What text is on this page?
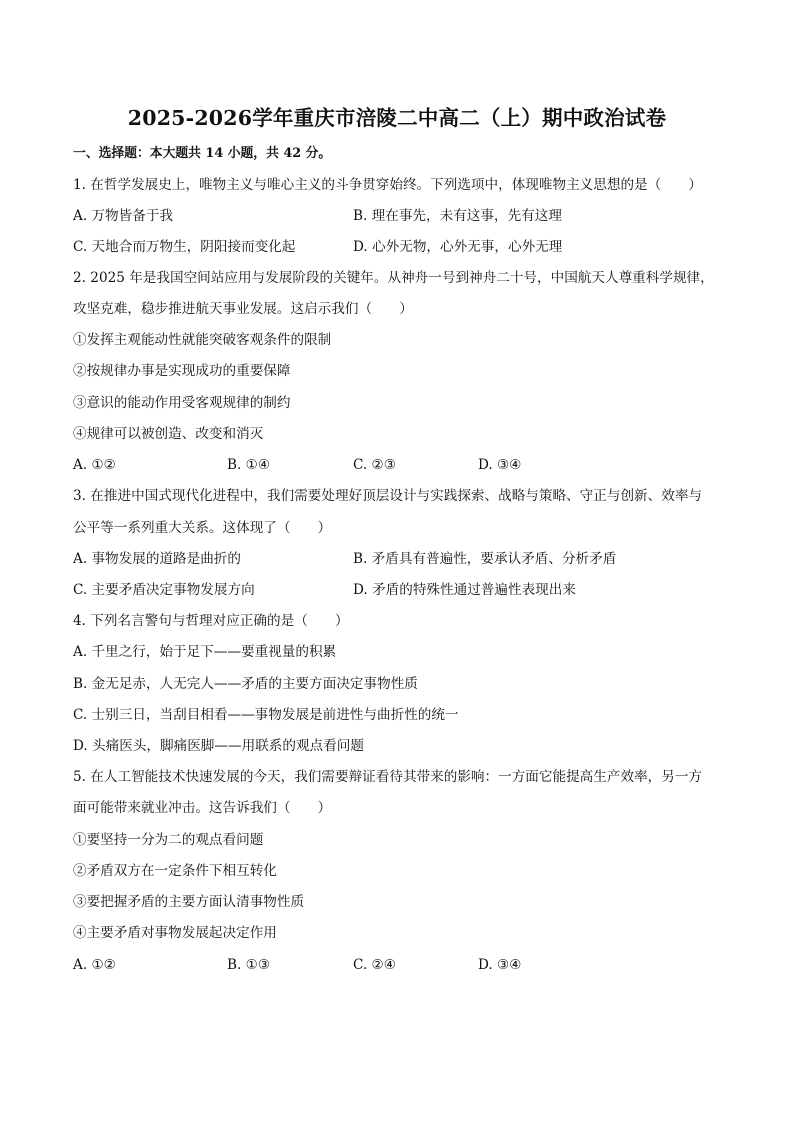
2025-2026学年重庆市涪陵二中高二（上）期中政治试卷
一、选择题：本大题共 14 小题，共 42 分。
1. 在哲学发展史上，唯物主义与唯心主义的斗争贯穿始终。下列选项中，体现唯物主义思想的是（　　）
A. 万物皆备于我	B. 理在事先，未有这事，先有这理
C. 天地合而万物生，阴阳接而变化起	D. 心外无物，心外无事，心外无理
2. 2025 年是我国空间站应用与发展阶段的关键年。从神舟一号到神舟二十号，中国航天人尊重科学规律，
攻坚克难，稳步推进航天事业发展。这启示我们（　　）
①发挥主观能动性就能突破客观条件的限制
②按规律办事是实现成功的重要保障
③意识的能动作用受客观规律的制约
④规律可以被创造、改变和消灭
A. ①②	B. ①④	C. ②③	D. ③④
3. 在推进中国式现代化进程中，我们需要处理好顶层设计与实践探索、战略与策略、守正与创新、效率与
公平等一系列重大关系。这体现了（　　）
A. 事物发展的道路是曲折的	B. 矛盾具有普遍性，要承认矛盾、分析矛盾
C. 主要矛盾决定事物发展方向	D. 矛盾的特殊性通过普遍性表现出来
4. 下列名言警句与哲理对应正确的是（　　）
A. 千里之行，始于足下——要重视量的积累
B. 金无足赤，人无完人——矛盾的主要方面决定事物性质
C. 士别三日，当刮目相看——事物发展是前进性与曲折性的统一
D. 头痛医头，脚痛医脚——用联系的观点看问题
5. 在人工智能技术快速发展的今天，我们需要辩证看待其带来的影响：一方面它能提高生产效率，另一方
面可能带来就业冲击。这告诉我们（　　）
①要坚持一分为二的观点看问题
②矛盾双方在一定条件下相互转化
③要把握矛盾的主要方面认清事物性质
④主要矛盾对事物发展起决定作用
A. ①②	B. ①③	C. ②④	D. ③④
